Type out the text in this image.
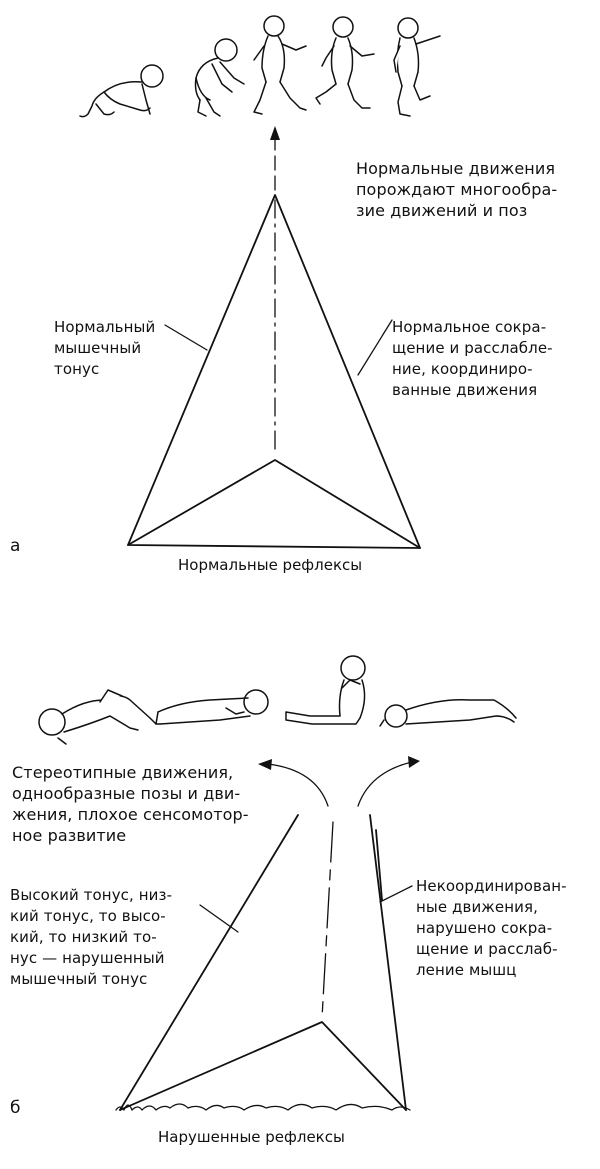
Нормальные движения
порождают многообра-
зие движений и поз
Нормальный
мышечный
тонус
Нормальное сокра-
щение и расслабле-
ние, координиро-
ванные движения
Нормальные рефлексы
а
Стереотипные движения,
однообразные позы и дви-
жения, плохое сенсомотор-
ное развитие
Высокий тонус, низ-
кий тонус, то высо-
кий, то низкий то-
нус — нарушенный
мышечный тонус
Некоординирован-
ные движения,
нарушено сокра-
щение и расслаб-
ление мышц
Нарушенные рефлексы
б
